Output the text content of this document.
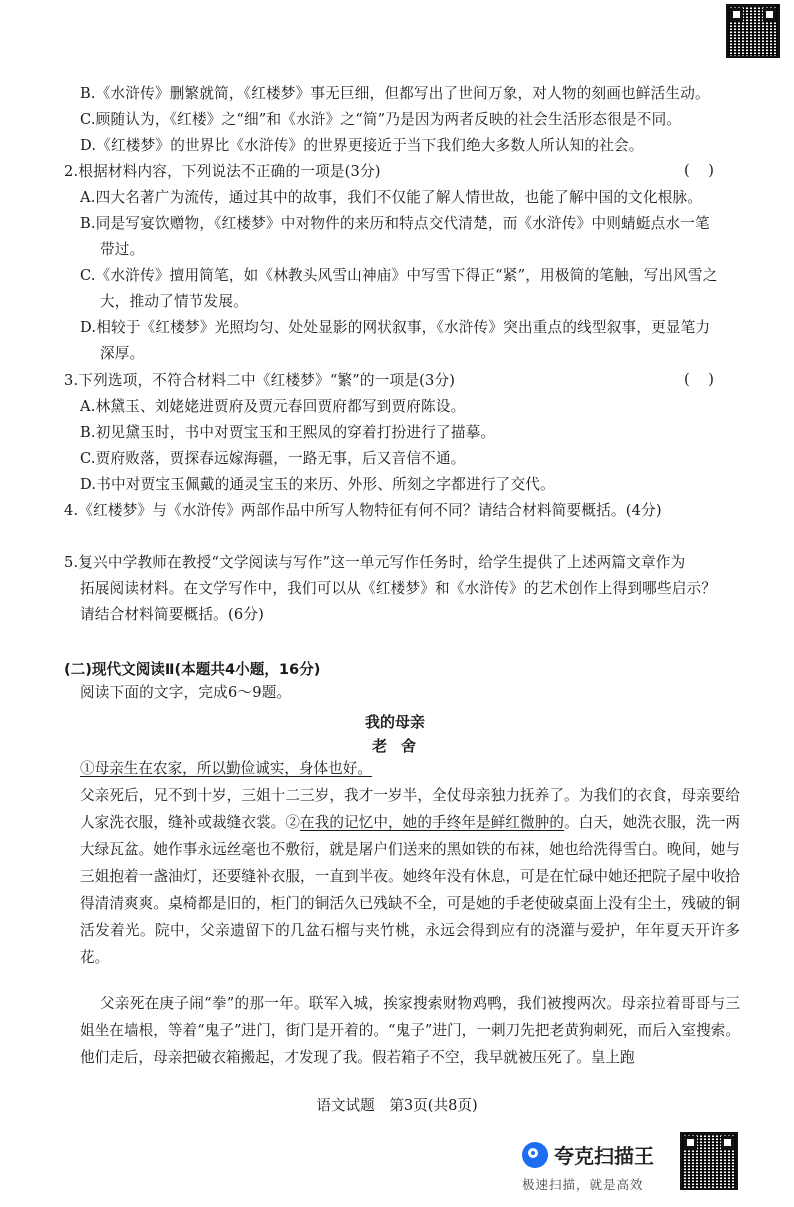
B.《水浒传》删繁就简，《红楼梦》事无巨细，但都写出了世间万象，对人物的刻画也鲜活生动。
C.顾随认为，《红楼》之“细”和《水浒》之“简”乃是因为两者反映的社会生活形态很是不同。
D.《红楼梦》的世界比《水浒传》的世界更接近于当下我们绝大多数人所认知的社会。
2.根据材料内容，下列说法不正确的一项是(3分)	(    )
A.四大名著广为流传，通过其中的故事，我们不仅能了解人情世故，也能了解中国的文化根脉。
B.同是写宴饮赠物，《红楼梦》中对物件的来历和特点交代清楚，而《水浒传》中则蜻蜓点水一笔
带过。
C.《水浒传》擅用简笔，如《林教头风雪山神庙》中写雪下得正“紧”，用极简的笔触，写出风雪之
大，推动了情节发展。
D.相较于《红楼梦》光照均匀、处处显影的网状叙事，《水浒传》突出重点的线型叙事，更显笔力
深厚。
3.下列选项，不符合材料二中《红楼梦》“繁”的一项是(3分)	(    )
A.林黛玉、刘姥姥进贾府及贾元春回贾府都写到贾府陈设。
B.初见黛玉时，书中对贾宝玉和王熙凤的穿着打扮进行了描摹。
C.贾府败落，贾探春远嫁海疆，一路无事，后又音信不通。
D.书中对贾宝玉佩戴的通灵宝玉的来历、外形、所刻之字都进行了交代。
4.《红楼梦》与《水浒传》两部作品中所写人物特征有何不同？请结合材料简要概括。(4分)
5.复兴中学教师在教授“文学阅读与写作”这一单元写作任务时，给学生提供了上述两篇文章作为
拓展阅读材料。在文学写作中，我们可以从《红楼梦》和《水浒传》的艺术创作上得到哪些启示？
请结合材料简要概括。(6分)
(二)现代文阅读Ⅱ(本题共4小题，16分)
阅读下面的文字，完成6～9题。
我的母亲
老舍
①母亲生在农家，所以勤俭诚实，身体也好。
父亲死后，兄不到十岁，三姐十二三岁，我才一岁半，全仗母亲独力抚养了。为我们的衣食，母亲要给人家洗衣服，缝补或裁缝衣裳。②在我的记忆中，她的手终年是鲜红微肿的。白天，她洗衣服，洗一两大绿瓦盆。她作事永远丝毫也不敷衍，就是屠户们送来的黑如铁的布袜，她也给洗得雪白。晚间，她与三姐抱着一盏油灯，还要缝补衣服，一直到半夜。她终年没有休息，可是在忙碌中她还把院子屋中收拾得清清爽爽。桌椅都是旧的，柜门的铜活久已残缺不全，可是她的手老使破桌面上没有尘土，残破的铜活发着光。院中，父亲遗留下的几盆石榴与夹竹桃，永远会得到应有的浇灌与爱护，年年夏天开许多花。
父亲死在庚子闹“拳”的那一年。联军入城，挨家搜索财物鸡鸭，我们被搜两次。母亲拉着哥哥与三姐坐在墙根，等着“鬼子”进门，街门是开着的。“鬼子”进门，一刺刀先把老黄狗刺死，而后入室搜索。他们走后，母亲把破衣箱搬起，才发现了我。假若箱子不空，我早就被压死了。皇上跑
语文试题　第3页(共8页)
夸克扫描王
极速扫描，就是高效
